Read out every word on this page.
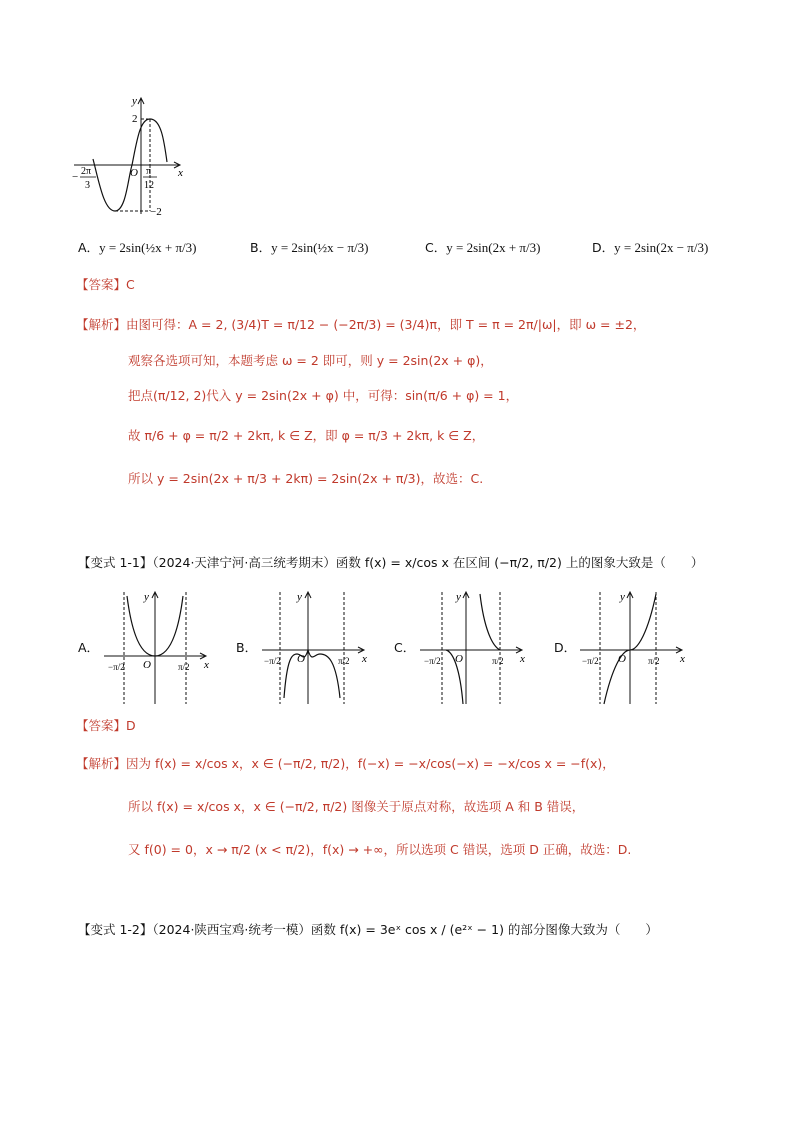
y
x
O
2
−2
− 2π
3
π
12
A．y = 2sin(½x + π/3)	B．y = 2sin(½x − π/3)	C．y = 2sin(2x + π/3)	D．y = 2sin(2x − π/3)
【答案】C
【解析】由图可得：A = 2, (3/4)T = π/12 − (−2π/3) = (3/4)π，即 T = π = 2π/|ω|，即 ω = ±2，
观察各选项可知，本题考虑 ω = 2 即可，则 y = 2sin(2x + φ)，
把点(π/12, 2)代入 y = 2sin(2x + φ) 中，可得：sin(π/6 + φ) = 1，
故 π/6 + φ = π/2 + 2kπ, k ∈ Z，即 φ = π/3 + 2kπ, k ∈ Z，
所以 y = 2sin(2x + π/3 + 2kπ) = 2sin(2x + π/3)，故选：C.
【变式 1-1】（2024·天津宁河·高三统考期末）函数 f(x) = x/cos x 在区间 (−π/2, π/2) 上的图象大致是（　　）
A．
y
x
O
−π/2	π/2
B．
y
x
O
−π/2	π/2
C．
y
x
O
−π/2	π/2
D．
y
x
O
−π/2	π/2
【答案】D
【解析】因为 f(x) = x/cos x，x ∈ (−π/2, π/2)，f(−x) = −x/cos(−x) = −x/cos x = −f(x)，
所以 f(x) = x/cos x，x ∈ (−π/2, π/2) 图像关于原点对称，故选项 A 和 B 错误，
又 f(0) = 0，x → π/2 (x < π/2)，f(x) → +∞，所以选项 C 错误，选项 D 正确，故选：D.
【变式 1-2】（2024·陕西宝鸡·统考一模）函数 f(x) = 3eˣ cos x / (e²ˣ − 1) 的部分图像大致为（　　）
